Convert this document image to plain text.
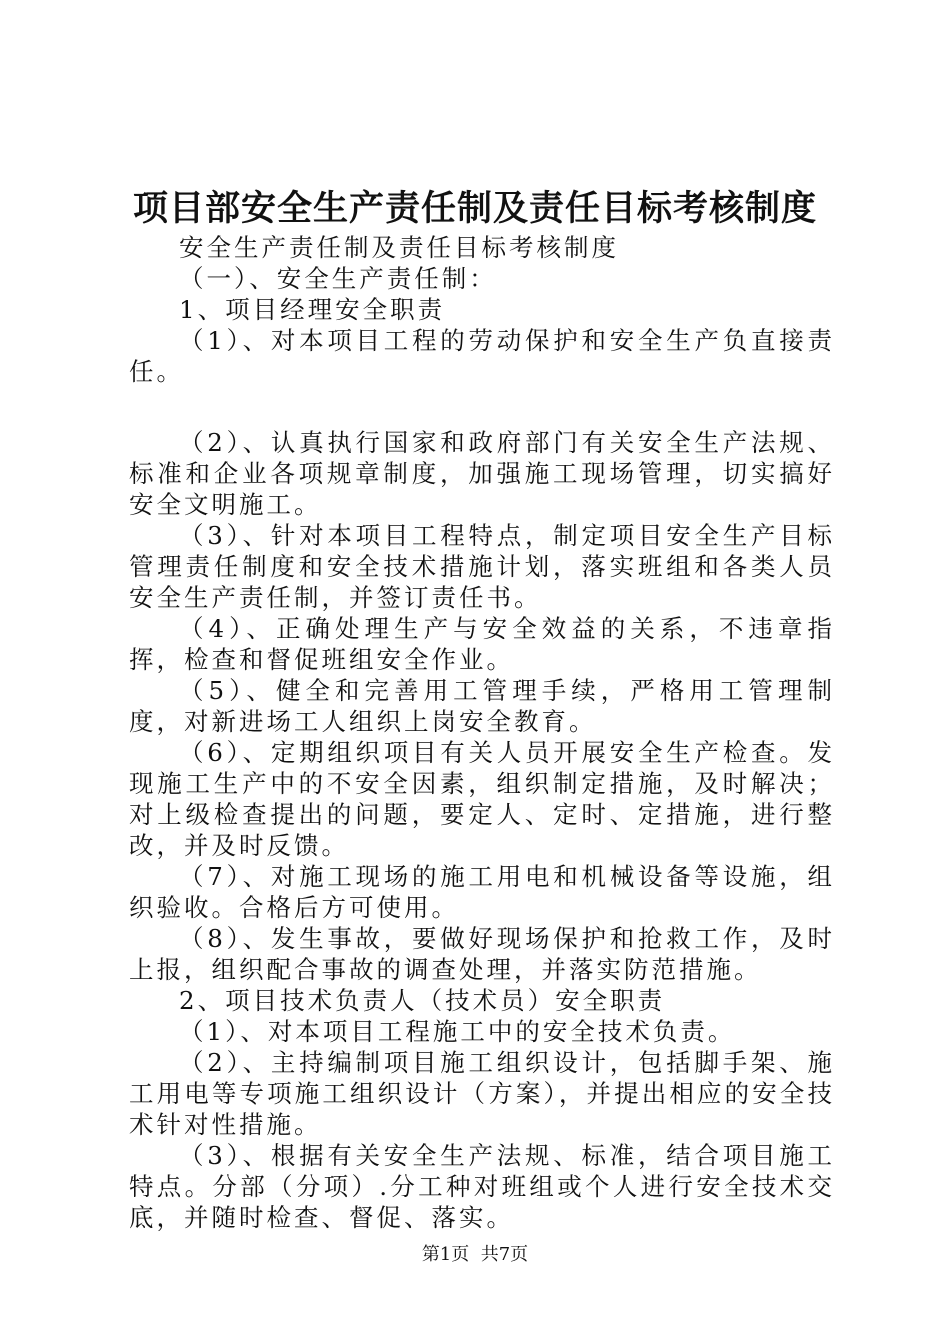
项目部安全生产责任制及责任目标考核制度

安全生产责任制及责任目标考核制度

（一）、安全生产责任制：

1、项目经理安全职责

（1）、对本项目工程的劳动保护和安全生产负直接责任。

（2）、认真执行国家和政府部门有关安全生产法规、标准和企业各项规章制度，加强施工现场管理，切实搞好安全文明施工。

（3）、针对本项目工程特点，制定项目安全生产目标管理责任制度和安全技术措施计划，落实班组和各类人员安全生产责任制，并签订责任书。

（4）、正确处理生产与安全效益的关系，不违章指挥，检查和督促班组安全作业。

（5）、健全和完善用工管理手续，严格用工管理制度，对新进场工人组织上岗安全教育。

（6）、定期组织项目有关人员开展安全生产检查。发现施工生产中的不安全因素，组织制定措施，及时解决；对上级检查提出的问题，要定人、定时、定措施，进行整改，并及时反馈。

（7）、对施工现场的施工用电和机械设备等设施，组织验收。合格后方可使用。

（8）、发生事故，要做好现场保护和抢救工作，及时上报，组织配合事故的调查处理，并落实防范措施。

2、项目技术负责人（技术员）安全职责

（1）、对本项目工程施工中的安全技术负责。

（2）、主持编制项目施工组织设计，包括脚手架、施工用电等专项施工组织设计（方案），并提出相应的安全技术针对性措施。

（3）、根据有关安全生产法规、标准，结合项目施工特点。分部（分项）.分工种对班组或个人进行安全技术交底，并随时检查、督促、落实。

第1页  共7页
